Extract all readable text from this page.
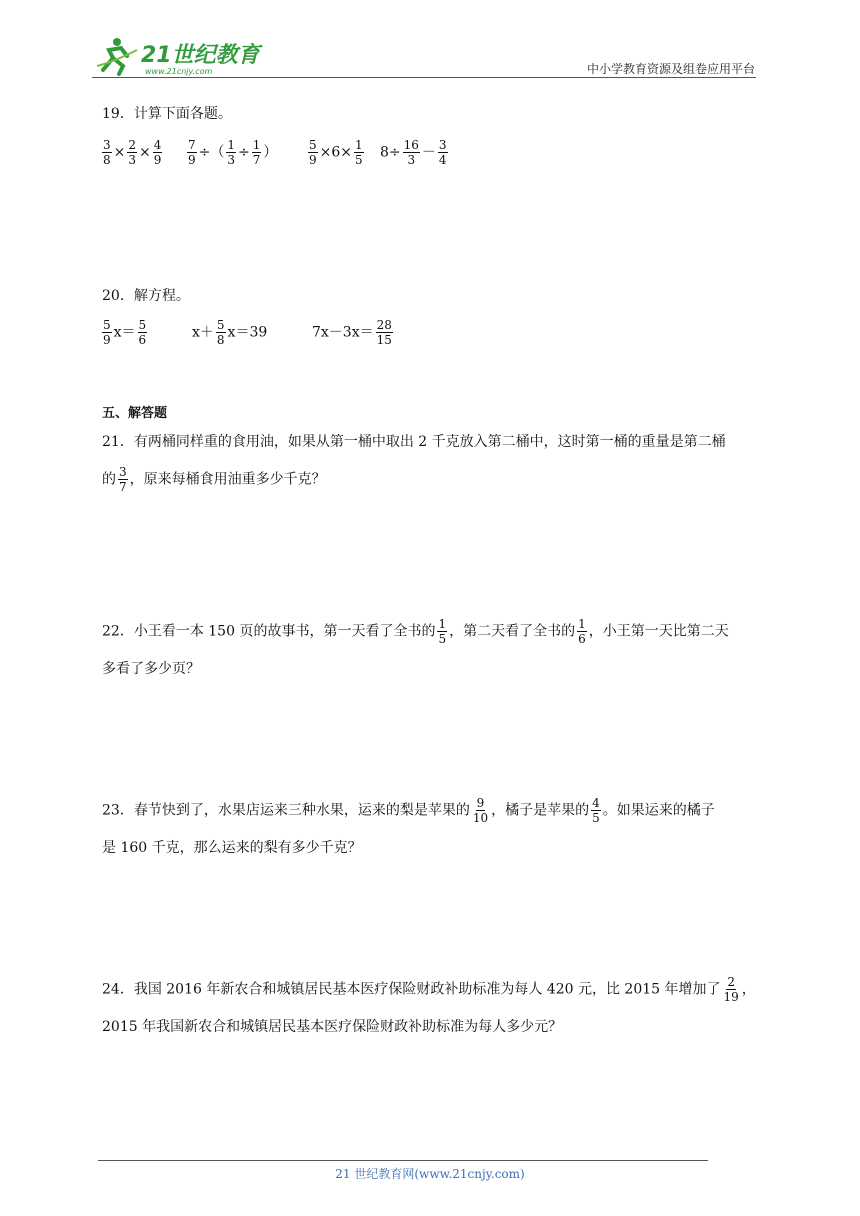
21世纪教育
www.21cnjy.com	中小学教育资源及组卷应用平台
19．计算下面各题。
$\frac{3}{8} \times \frac{2}{3} \times \frac{4}{9} \frac{7}{9}$ ÷（ $\frac{1}{3} \div \frac{1}{7}$ ）	$\frac{5}{9} \times 6\times \frac{1}{5} 8\div \frac{16}{3} - \frac{3}{4}$
20．解方程。
$\frac{5}{9} x= \frac{5}{6}$	$x+ \frac{5}{8} x=39$	$7x-3x= \frac{28}{15}$
五、解答题
21．有两桶同样重的食用油，如果从第一桶中取出 2 千克放入第二桶中，这时第一桶的重量是第二桶
的 $\frac{3}{7}$ ，原来每桶食用油重多少千克？
22．小王看一本 150 页的故事书，第一天看了全书的 $\frac{1}{5}$ ，第二天看了全书的 $\frac{1}{6}$ ，小王第一天比第二天
多看了多少页？
23．春节快到了，水果店运来三种水果，运来的梨是苹果的 $\frac{9}{10}$ ，橘子是苹果的 $\frac{4}{5}$ 。如果运来的橘子
是 160 千克，那么运来的梨有多少千克？
24．我国 2016 年新农合和城镇居民基本医疗保险财政补助标准为每人 420 元，比 2015 年增加了 $\frac{2}{19}$ ，
2015 年我国新农合和城镇居民基本医疗保险财政补助标准为每人多少元？
21 世纪教育网(www.21cnjy.com)
